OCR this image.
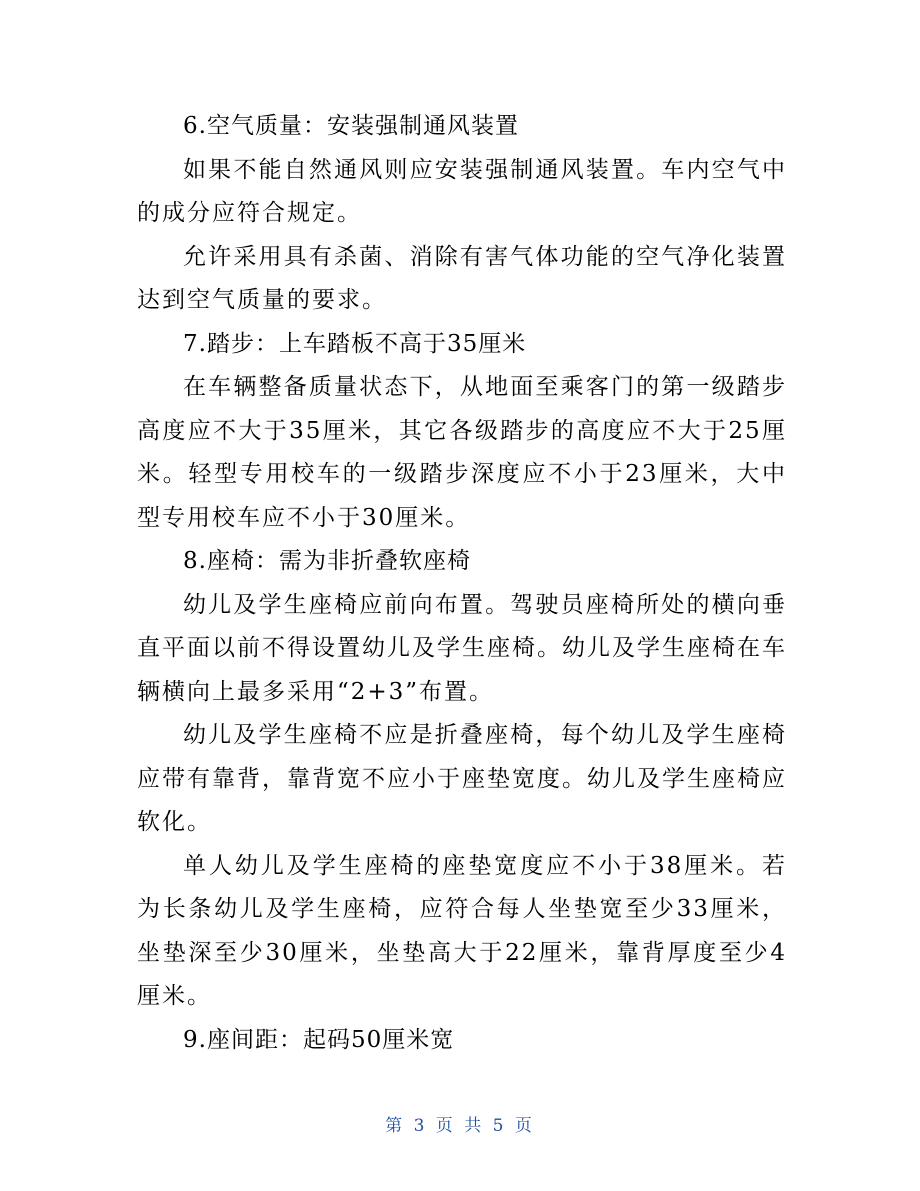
6.空气质量：安装强制通风装置

如果不能自然通风则应安装强制通风装置。车内空气中的成分应符合规定。

允许采用具有杀菌、消除有害气体功能的空气净化装置达到空气质量的要求。

7.踏步：上车踏板不高于35厘米

在车辆整备质量状态下，从地面至乘客门的第一级踏步高度应不大于35厘米，其它各级踏步的高度应不大于25厘米。轻型专用校车的一级踏步深度应不小于23厘米，大中型专用校车应不小于30厘米。

8.座椅：需为非折叠软座椅

幼儿及学生座椅应前向布置。驾驶员座椅所处的横向垂直平面以前不得设置幼儿及学生座椅。幼儿及学生座椅在车辆横向上最多采用“2+3”布置。

幼儿及学生座椅不应是折叠座椅，每个幼儿及学生座椅应带有靠背，靠背宽不应小于座垫宽度。幼儿及学生座椅应软化。

单人幼儿及学生座椅的座垫宽度应不小于38厘米。若为长条幼儿及学生座椅，应符合每人坐垫宽至少33厘米，坐垫深至少30厘米，坐垫高大于22厘米，靠背厚度至少4厘米。

9.座间距：起码50厘米宽

第 3 页 共 5 页
